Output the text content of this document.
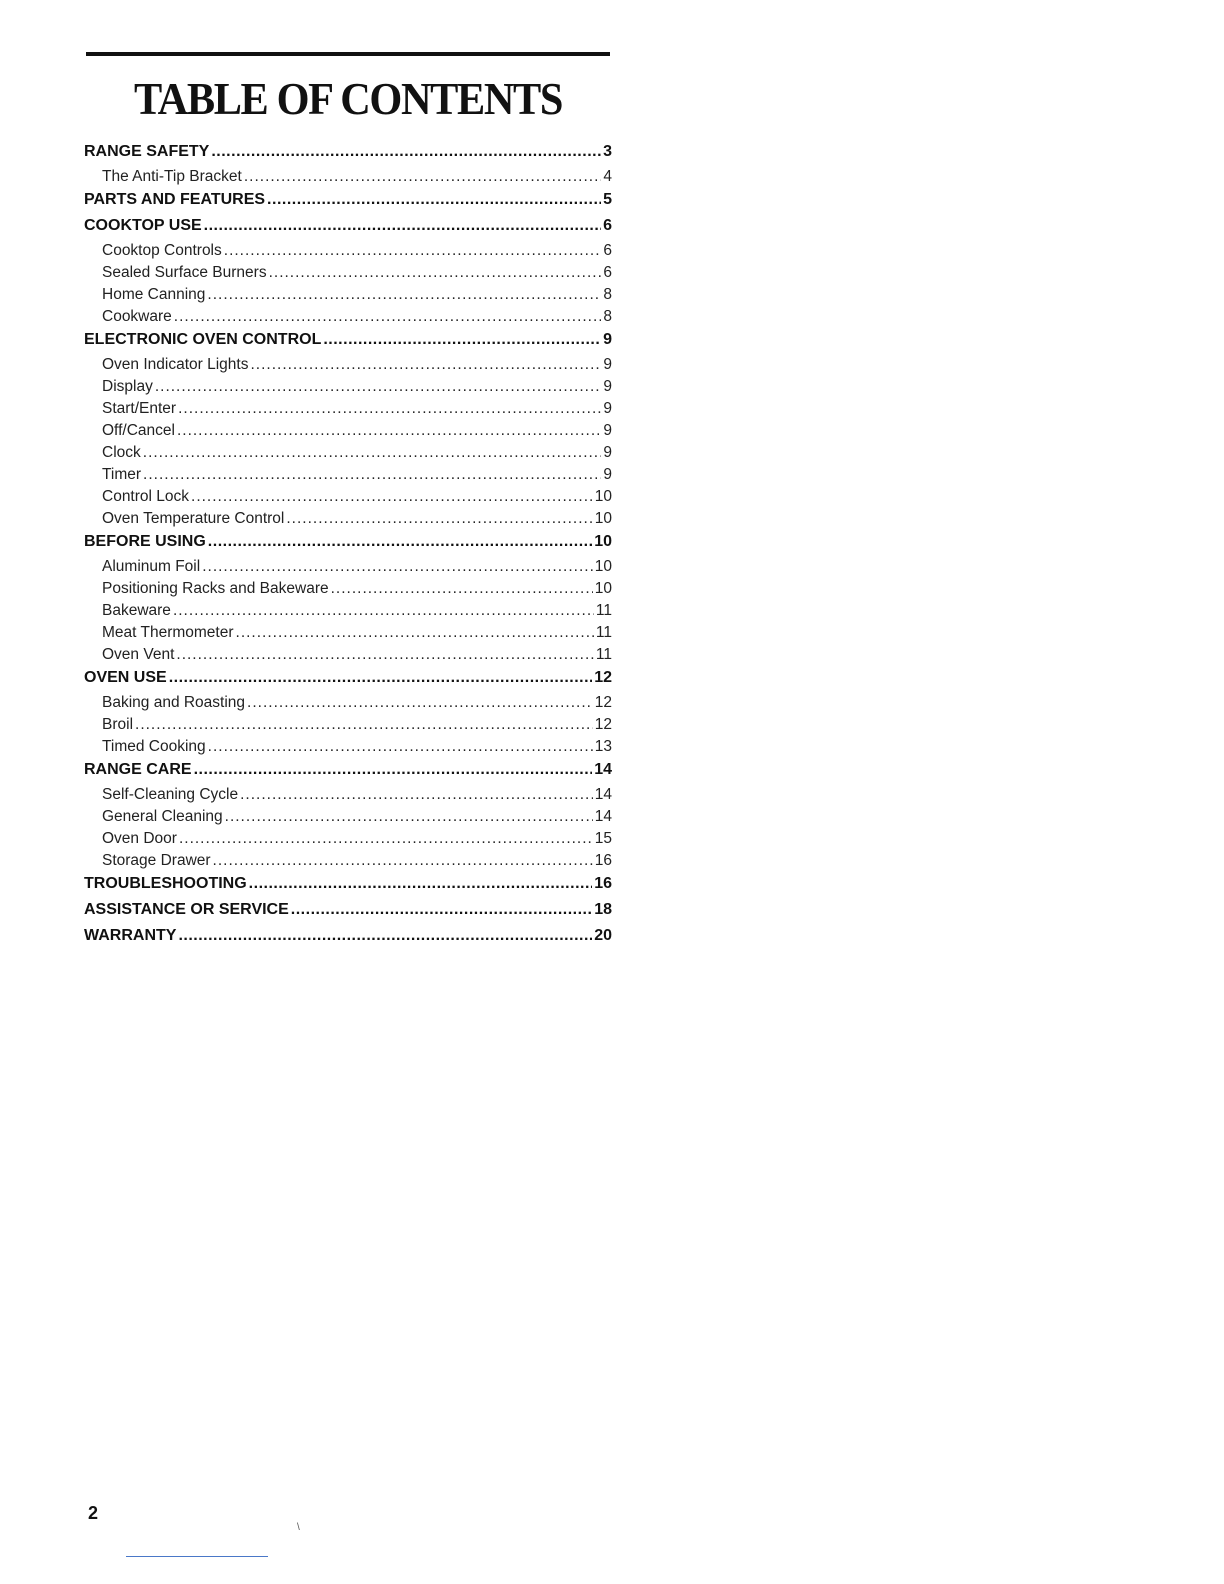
TABLE OF CONTENTS
RANGE SAFETY .....	3
The Anti-Tip Bracket .....	4
PARTS AND FEATURES .....	5
COOKTOP USE .....	6
Cooktop Controls .....	6
Sealed Surface Burners .....	6
Home Canning .....	8
Cookware .....	8
ELECTRONIC OVEN CONTROL .....	9
Oven Indicator Lights .....	9
Display .....	9
Start/Enter .....	9
Off/Cancel .....	9
Clock .....	9
Timer .....	9
Control Lock .....	10
Oven Temperature Control .....	10
BEFORE USING .....	10
Aluminum Foil .....	10
Positioning Racks and Bakeware .....	10
Bakeware .....	11
Meat Thermometer .....	11
Oven Vent .....	11
OVEN USE .....	12
Baking and Roasting .....	12
Broil .....	12
Timed Cooking .....	13
RANGE CARE .....	14
Self-Cleaning Cycle .....	14
General Cleaning .....	14
Oven Door .....	15
Storage Drawer .....	16
TROUBLESHOOTING .....	16
ASSISTANCE OR SERVICE .....	18
WARRANTY .....	20
2
\
